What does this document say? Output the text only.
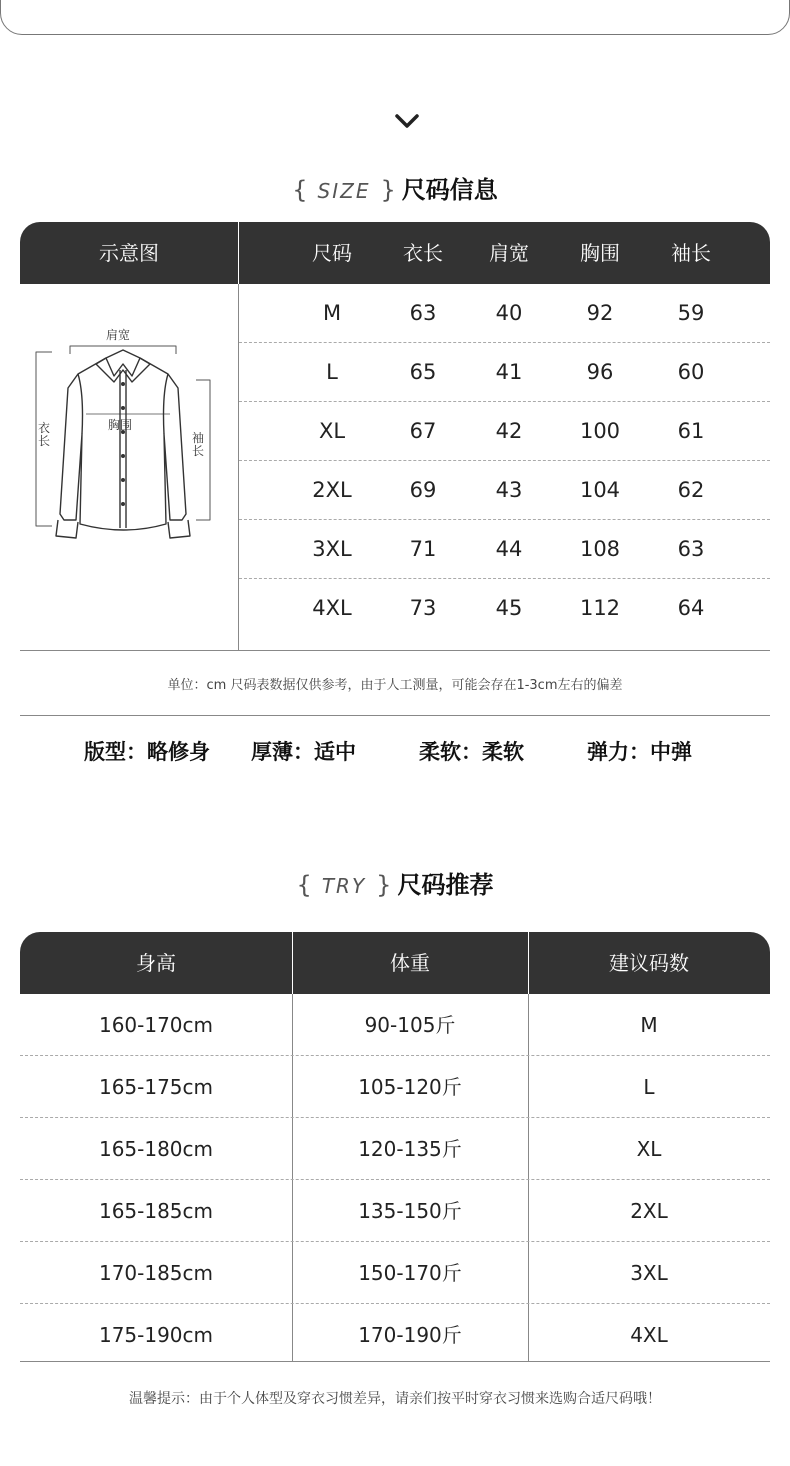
{ SIZE } 尺码信息
示意图	尺码	衣长	肩宽	胸围	袖长
肩宽
胸围
衣长	袖长
M	63	40	92	59
L	65	41	96	60
XL	67	42	100	61
2XL	69	43	104	62
3XL	71	44	108	63
4XL	73	45	112	64
单位：cm 尺码表数据仅供参考，由于人工测量，可能会存在1-3cm左右的偏差
版型：略修身 厚薄：适中	柔软：柔软	弹力：中弹
{ TRY } 尺码推荐
身高	体重	建议码数
160-170cm	90-105斤	M
165-175cm	105-120斤	L
165-180cm	120-135斤	XL
165-185cm	135-150斤	2XL
170-185cm	150-170斤	3XL
175-190cm	170-190斤	4XL
温馨提示：由于个人体型及穿衣习惯差异，请亲们按平时穿衣习惯来选购合适尺码哦！
